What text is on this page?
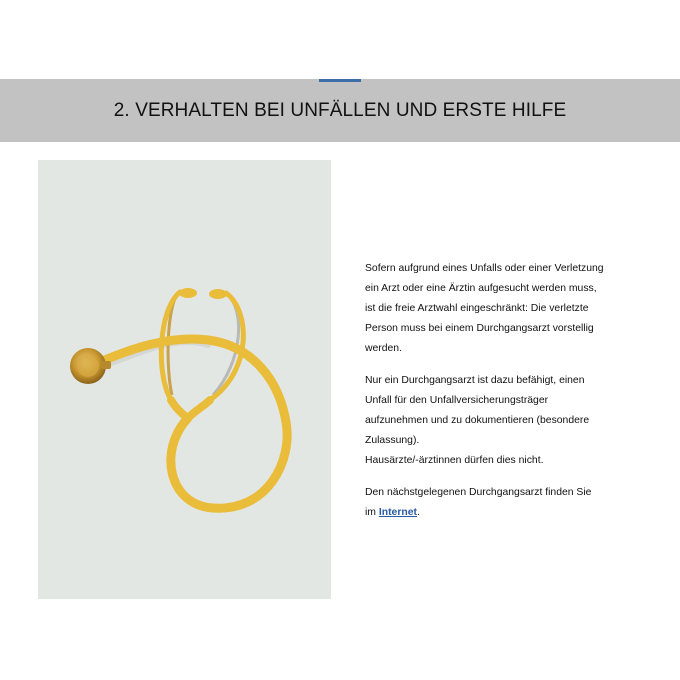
2. VERHALTEN BEI UNFÄLLEN UND ERSTE HILFE

Sofern aufgrund eines Unfalls oder einer Verletzung
ein Arzt oder eine Ärztin aufgesucht werden muss,
ist die freie Arztwahl eingeschränkt: Die verletzte
Person muss bei einem Durchgangsarzt vorstellig
werden.

Nur ein Durchgangsarzt ist dazu befähigt, einen
Unfall für den Unfallversicherungsträger
aufzunehmen und zu dokumentieren (besondere
Zulassung).
Hausärzte/-ärztinnen dürfen dies nicht.

Den nächstgelegenen Durchgangsarzt finden Sie
im Internet.
